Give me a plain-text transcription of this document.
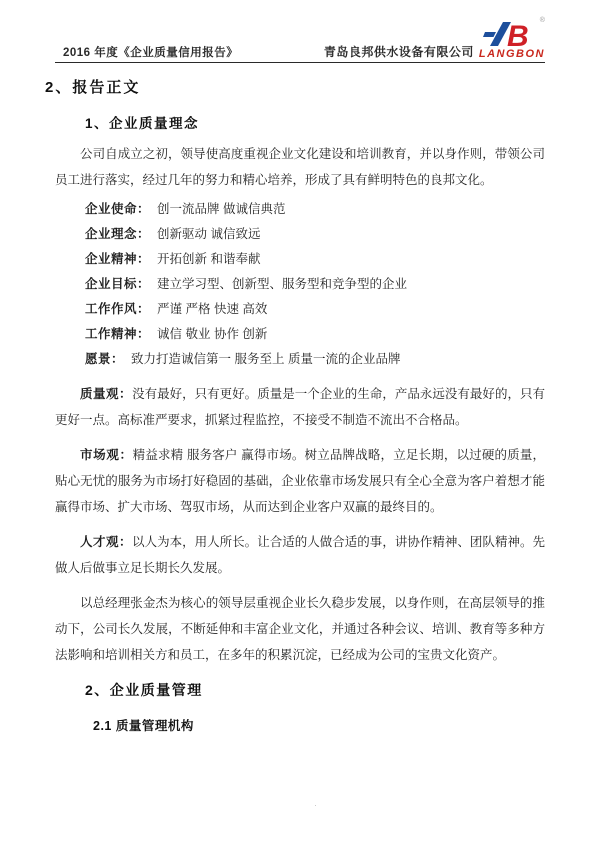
2016 年度《企业质量信用报告》	青岛良邦供水设备有限公司 B ®
LANGBON
2、报告正文
1、企业质量理念

公司自成立之初，领导使高度重视企业文化建设和培训教育，并以身作则，带领公司员工进行落实，经过几年的努力和精心培养，形成了具有鲜明特色的良邦文化。

企业使命： 创一流品牌 做诚信典范
企业理念： 创新驱动 诚信致远
企业精神： 开拓创新 和谐奉献
企业目标： 建立学习型、创新型、服务型和竞争型的企业
工作作风： 严谨 严格 快速 高效
工作精神： 诚信 敬业 协作 创新
愿景： 致力打造诚信第一 服务至上 质量一流的企业品牌

质量观：没有最好，只有更好。质量是一个企业的生命，产品永远没有最好的，只有更好一点。高标准严要求，抓紧过程监控，不接受不制造不流出不合格品。

市场观：精益求精 服务客户 赢得市场。树立品牌战略，立足长期，以过硬的质量，贴心无忧的服务为市场打好稳固的基础，企业依靠市场发展只有全心全意为客户着想才能赢得市场、扩大市场、驾驭市场，从而达到企业客户双赢的最终目的。

人才观：以人为本，用人所长。让合适的人做合适的事，讲协作精神、团队精神。先做人后做事立足长期长久发展。

以总经理张金杰为核心的领导层重视企业长久稳步发展，以身作则，在高层领导的推动下，公司长久发展，不断延伸和丰富企业文化，并通过各种会议、培训、教育等多种方法影响和培训相关方和员工，在多年的积累沉淀，已经成为公司的宝贵文化资产。

2、企业质量管理
2.1 质量管理机构
·
